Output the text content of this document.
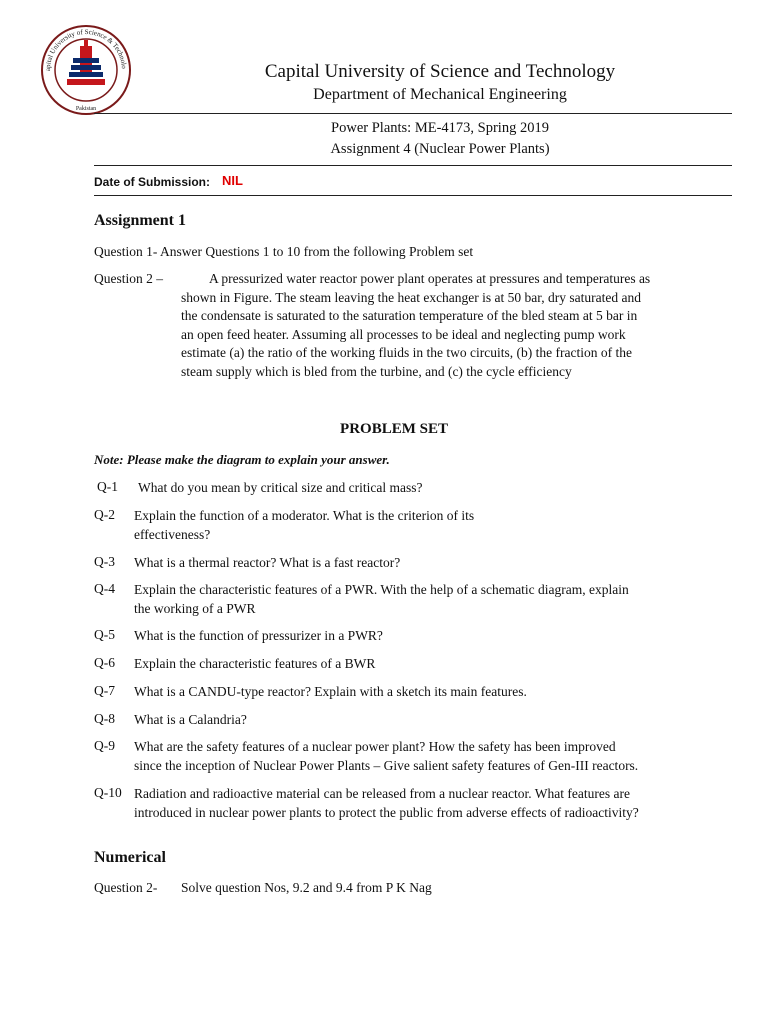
apital University of Science & Technolo
Pakistan
Capital University of Science and Technology
Department of Mechanical Engineering
Power Plants: ME-4173, Spring 2019
Assignment 4 (Nuclear Power Plants)
Date of Submission: NIL
Assignment 1
Question 1- Answer Questions 1 to 10 from the following Problem set
Question 2 –	A pressurized water reactor power plant operates at pressures and temperatures as
shown in Figure. The steam leaving the heat exchanger is at 50 bar, dry saturated and
the condensate is saturated to the saturation temperature of the bled steam at 5 bar in
an open feed heater. Assuming all processes to be ideal and neglecting pump work
estimate (a) the ratio of the working fluids in the two circuits, (b) the fraction of the
steam supply which is bled from the turbine, and (c) the cycle efficiency
PROBLEM SET
Note: Please make the diagram to explain your answer.
Q-1 What do you mean by critical size and critical mass?
Q-2 Explain the function of a moderator. What is the criterion of its
effectiveness?
Q-3 What is a thermal reactor? What is a fast reactor?
Q-4 Explain the characteristic features of a PWR. With the help of a schematic diagram, explain
the working of a PWR
Q-5 What is the function of pressurizer in a PWR?
Q-6 Explain the characteristic features of a BWR
Q-7 What is a CANDU-type reactor? Explain with a sketch its main features.
Q-8 What is a Calandria?
Q-9 What are the safety features of a nuclear power plant? How the safety has been improved
since the inception of Nuclear Power Plants – Give salient safety features of Gen-III reactors.
Q-10 Radiation and radioactive material can be released from a nuclear reactor. What features are
introduced in nuclear power plants to protect the public from adverse effects of radioactivity?
Numerical
Question 2- Solve question Nos, 9.2 and 9.4 from P K Nag
